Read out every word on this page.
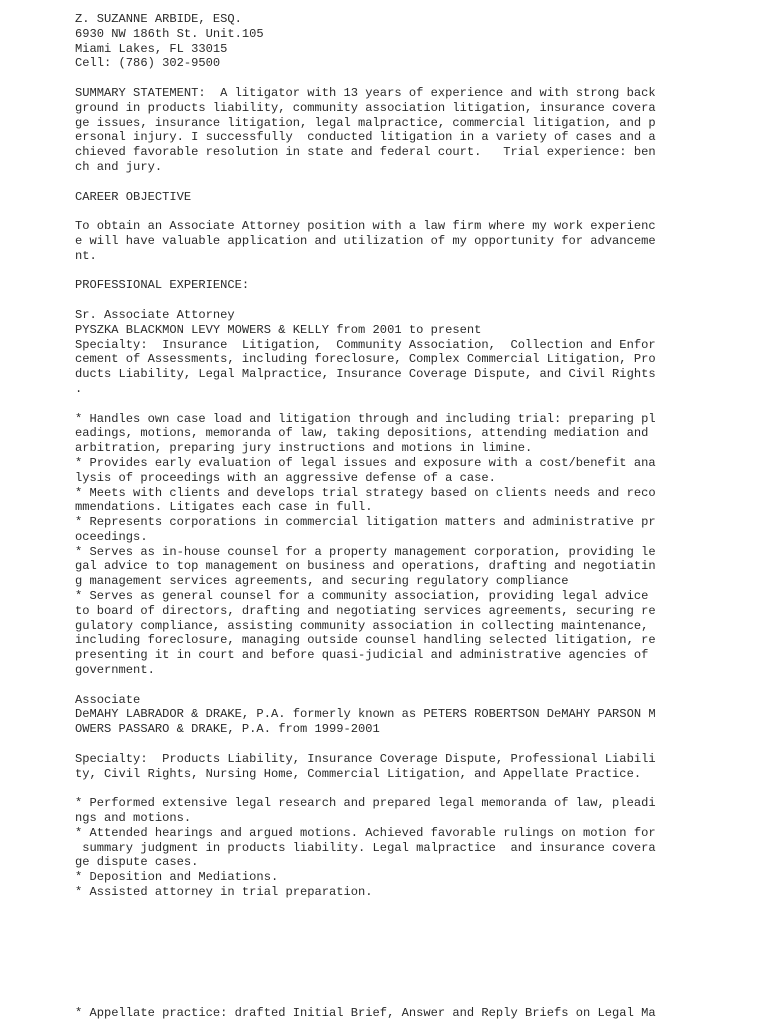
Z. SUZANNE ARBIDE, ESQ.
6930 NW 186th St. Unit.105
Miami Lakes, FL 33015
Cell: (786) 302-9500
SUMMARY STATEMENT:  A litigator with 13 years of experience and with strong back
ground in products liability, community association litigation, insurance covera
ge issues, insurance litigation, legal malpractice, commercial litigation, and p
ersonal injury. I successfully  conducted litigation in a variety of cases and a
chieved favorable resolution in state and federal court.   Trial experience: ben
ch and jury.
CAREER OBJECTIVE
To obtain an Associate Attorney position with a law firm where my work experienc
e will have valuable application and utilization of my opportunity for advanceme
nt.
PROFESSIONAL EXPERIENCE:
Sr. Associate Attorney
PYSZKA BLACKMON LEVY MOWERS & KELLY from 2001 to present
Specialty:  Insurance  Litigation,  Community Association,  Collection and Enfor
cement of Assessments, including foreclosure, Complex Commercial Litigation, Pro
ducts Liability, Legal Malpractice, Insurance Coverage Dispute, and Civil Rights
.
* Handles own case load and litigation through and including trial: preparing pl
eadings, motions, memoranda of law, taking depositions, attending mediation and
arbitration, preparing jury instructions and motions in limine.
* Provides early evaluation of legal issues and exposure with a cost/benefit ana
lysis of proceedings with an aggressive defense of a case.
* Meets with clients and develops trial strategy based on clients needs and reco
mmendations. Litigates each case in full.
* Represents corporations in commercial litigation matters and administrative pr
oceedings.
* Serves as in-house counsel for a property management corporation, providing le
gal advice to top management on business and operations, drafting and negotiatin
g management services agreements, and securing regulatory compliance
* Serves as general counsel for a community association, providing legal advice
to board of directors, drafting and negotiating services agreements, securing re
gulatory compliance, assisting community association in collecting maintenance,
including foreclosure, managing outside counsel handling selected litigation, re
presenting it in court and before quasi-judicial and administrative agencies of
government.
Associate
DeMAHY LABRADOR & DRAKE, P.A. formerly known as PETERS ROBERTSON DeMAHY PARSON M
OWERS PASSARO & DRAKE, P.A. from 1999-2001
Specialty:  Products Liability, Insurance Coverage Dispute, Professional Liabili
ty, Civil Rights, Nursing Home, Commercial Litigation, and Appellate Practice.
* Performed extensive legal research and prepared legal memoranda of law, pleadi
ngs and motions.
* Attended hearings and argued motions. Achieved favorable rulings on motion for
summary judgment in products liability. Legal malpractice  and insurance covera
ge dispute cases.
* Deposition and Mediations.
* Assisted attorney in trial preparation.
* Appellate practice: drafted Initial Brief, Answer and Reply Briefs on Legal Ma
